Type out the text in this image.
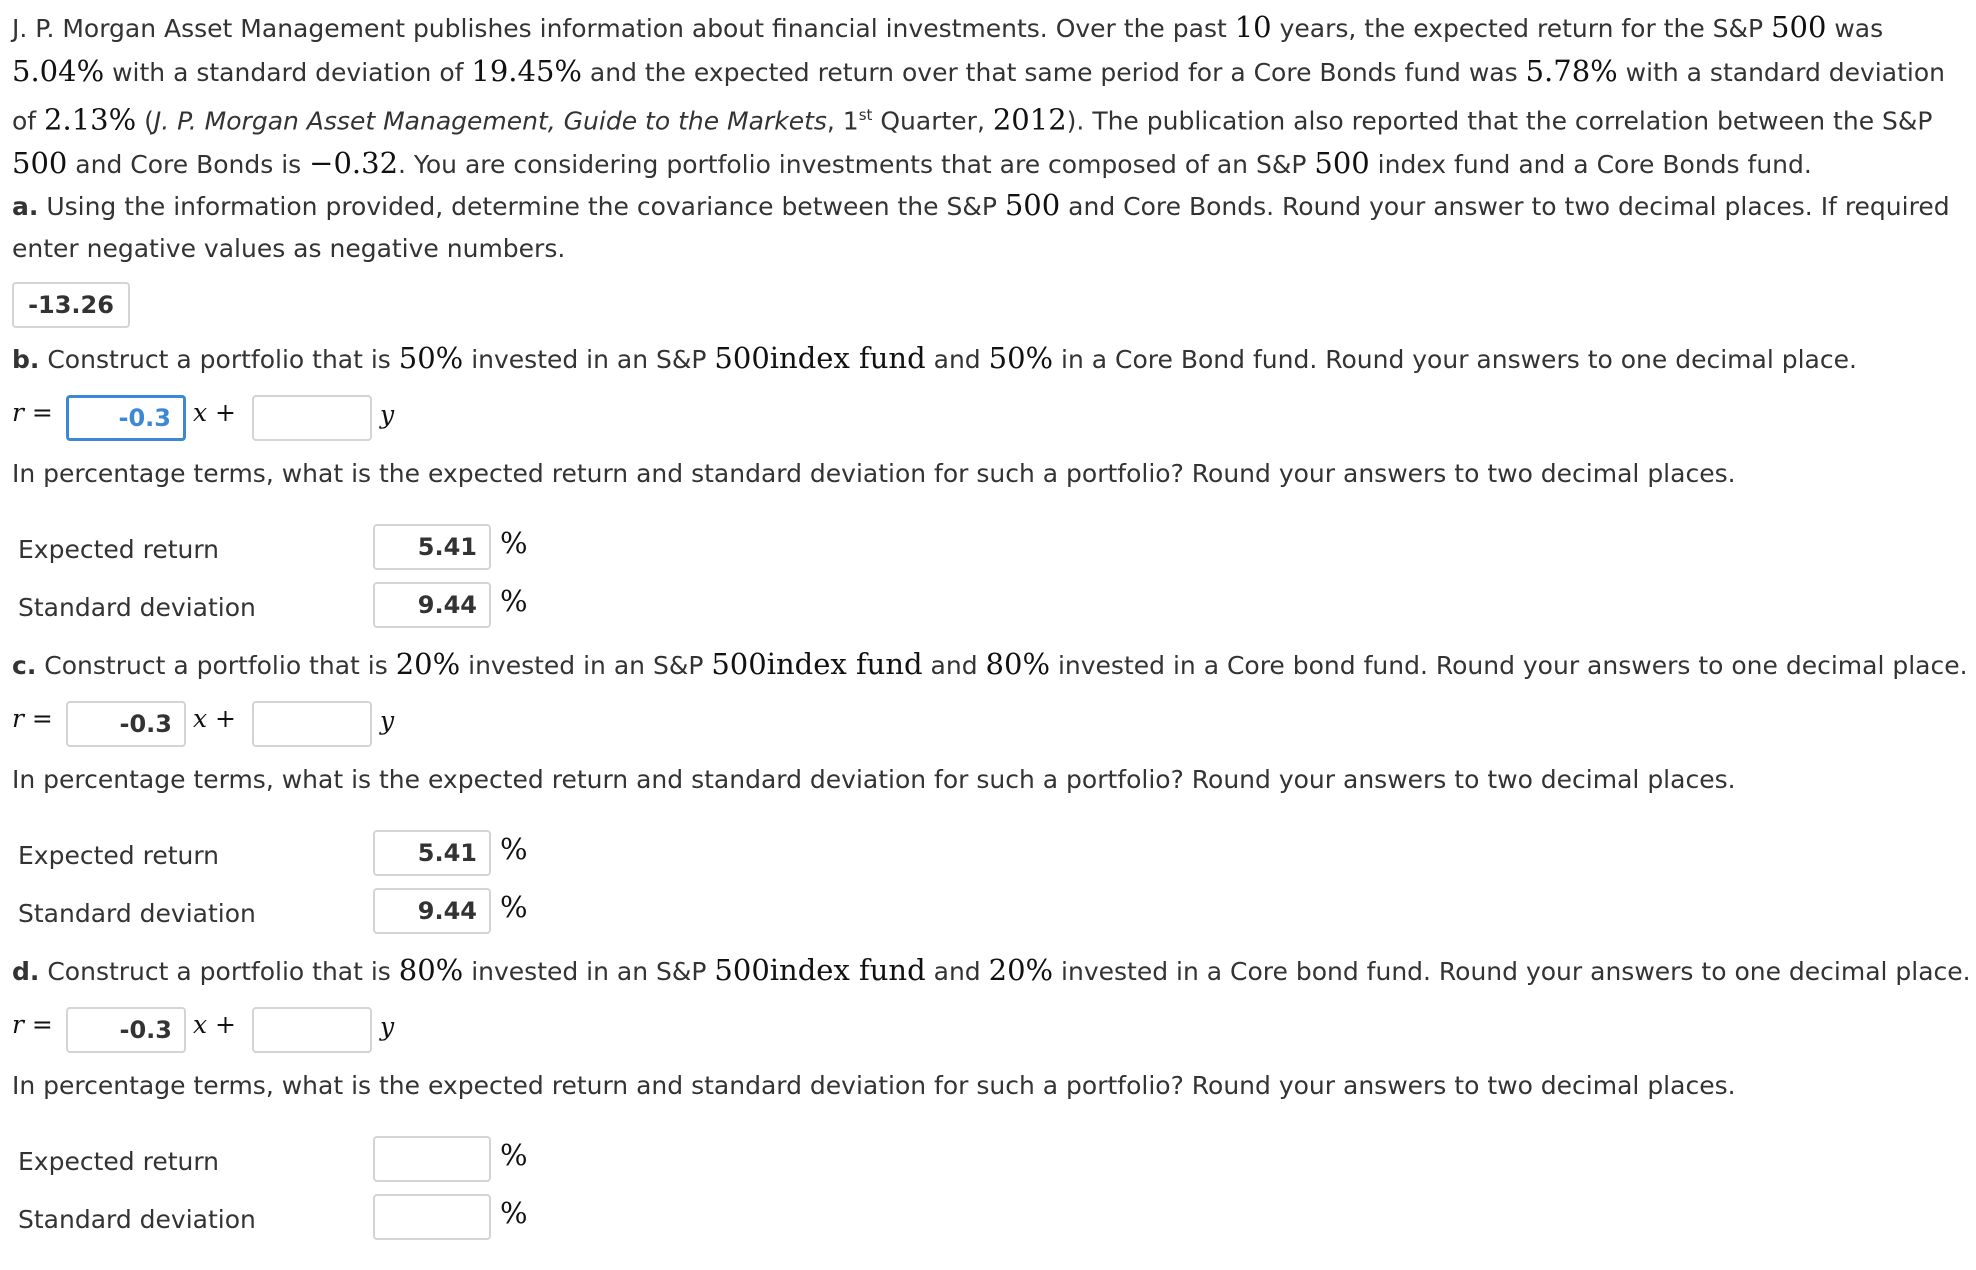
J. P. Morgan Asset Management publishes information about financial investments. Over the past 10 years, the expected return for the S&P 500 was 5.04% with a standard deviation of 19.45% and the expected return over that same period for a Core Bonds fund was 5.78% with a standard deviation of 2.13% (J. P. Morgan Asset Management, Guide to the Markets, 1st Quarter, 2012). The publication also reported that the correlation between the S&P 500 and Core Bonds is −0.32. You are considering portfolio investments that are composed of an S&P 500 index fund and a Core Bonds fund.
a. Using the information provided, determine the covariance between the S&P 500 and Core Bonds. Round your answer to two decimal places. If required enter negative values as negative numbers.
-13.26
b. Construct a portfolio that is 50% invested in an S&P 500index fund and 50% in a Core Bond fund. Round your answers to one decimal place.
r =	-0.3 x +	y
In percentage terms, what is the expected return and standard deviation for such a portfolio? Round your answers to two decimal places.
Expected return	5.41 %
Standard deviation	9.44 %
c. Construct a portfolio that is 20% invested in an S&P 500index fund and 80% invested in a Core bond fund. Round your answers to one decimal place.
r =	-0.3 x +	y
In percentage terms, what is the expected return and standard deviation for such a portfolio? Round your answers to two decimal places.
Expected return	5.41 %
Standard deviation	9.44 %
d. Construct a portfolio that is 80% invested in an S&P 500index fund and 20% invested in a Core bond fund. Round your answers to one decimal place.
r =	-0.3 x +	y
In percentage terms, what is the expected return and standard deviation for such a portfolio? Round your answers to two decimal places.
Expected return	%
Standard deviation	%
